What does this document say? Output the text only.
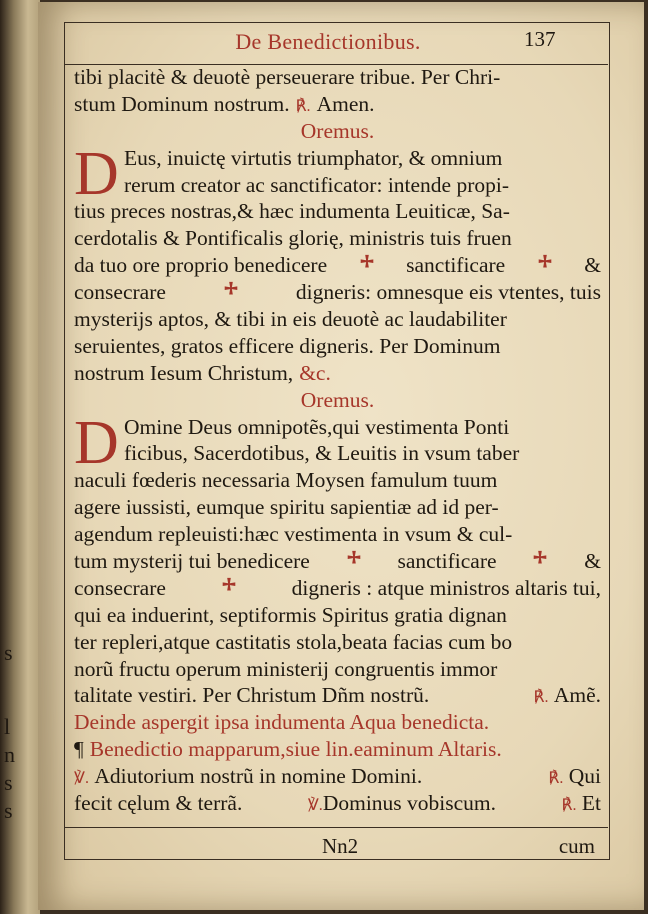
s
l
n
s
s
De Benedictionibus.	137
tibi placitè & deuotè perseuerare tribue. Per Chri-
stum Dominum nostrum. ℟. Amen.
Oremus.
D Eus, inuictę virtutis triumphator, & omnium
rerum creator ac sanctificator: intende propi-
tius preces nostras,& hæc indumenta Leuiticæ, Sa-
cerdotalis & Pontificalis glorię, ministris tuis fruen
da tuo ore proprio benedicere	sanctificare	&
consecrare	digneris: omnesque eis vtentes, tuis
mysterijs aptos, & tibi in eis deuotè ac laudabiliter
seruientes, gratos efficere digneris. Per Dominum
nostrum Iesum Christum, &c.
Oremus.
D Omine Deus omnipotẽs,qui vestimenta Ponti
ficibus, Sacerdotibus, & Leuitis in vsum taber
naculi fœderis necessaria Moysen famulum tuum
agere iussisti, eumque spiritu sapientiæ ad id per-
agendum repleuisti:hæc vestimenta in vsum & cul-
tum mysterij tui benedicere	sanctificare	&
consecrare	digneris : atque ministros altaris tui,
qui ea induerint, septiformis Spiritus gratia dignan
ter repleri,atque castitatis stola,beata facias cum bo
norũ fructu operum ministerij congruentis immor
talitate vestiri. Per Christum Dñm nostrũ.	℟. Amẽ.
Deinde aspergit ipsa indumenta Aqua benedicta.
¶ Benedictio mapparum,siue lin.eaminum Altaris.
℣. Adiutorium nostrũ in nomine Domini.	℟. Qui
fecit cęlum & terrã.	℣.Dominus vobiscum.	℟. Et
Nn2	cum
